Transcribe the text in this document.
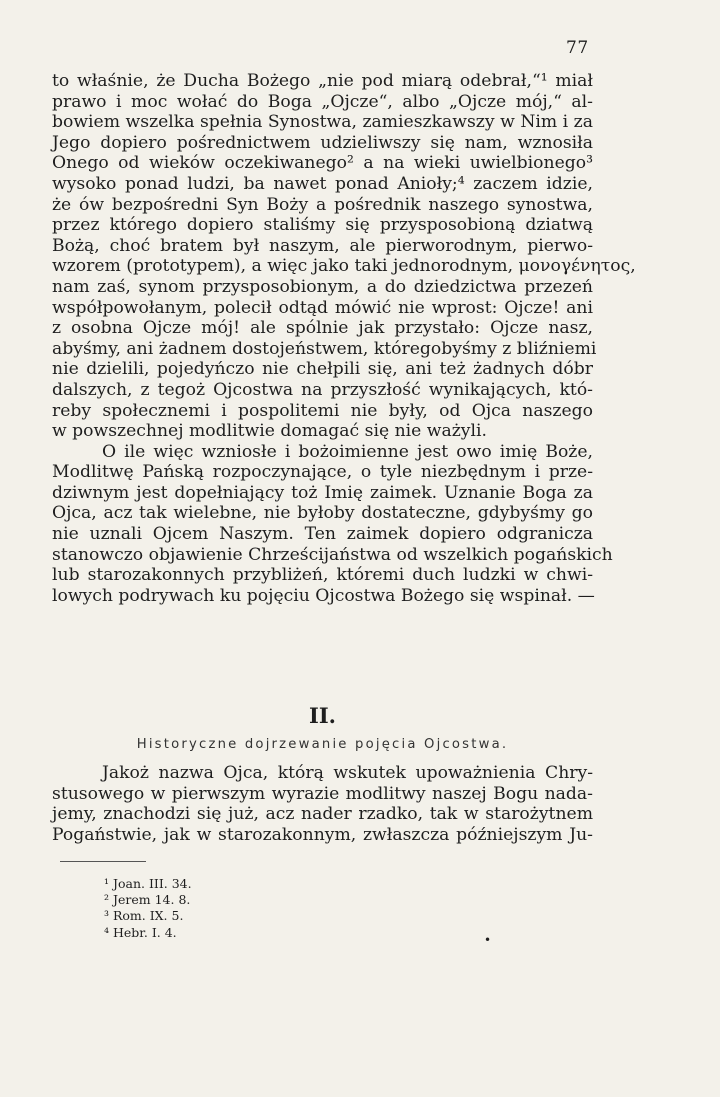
77
to właśnie, że Ducha Bożego „nie pod miarą odebrał,“¹ miał
prawo i moc wołać do Boga „Ojcze“, albo „Ojcze mój,“ al-
bowiem wszelka spełnia Synostwa, zamieszkawszy w Nim i za
Jego dopiero pośrednictwem udzieliwszy się nam, wznosiła
Onego od wieków oczekiwanego² a na wieki uwielbionego³
wysoko ponad ludzi, ba nawet ponad Anioły;⁴ zaczem idzie,
że ów bezpośredni Syn Boży a pośrednik naszego synostwa,
przez którego dopiero staliśmy się przysposobioną dziatwą
Bożą, choć bratem był naszym, ale pierworodnym, pierwo-
wzorem (prototypem), a więc jako taki jednorodnym, μονογένητος,
nam zaś, synom przysposobionym, a do dziedzictwa przezeń
współpowołanym, polecił odtąd mówić nie wprost: Ojcze! ani
z osobna Ojcze mój! ale spólnie jak przystało: Ojcze nasz,
abyśmy, ani żadnem dostojeństwem, któregobyśmy z bliźniemi
nie dzielili, pojedyńczo nie chełpili się, ani też żadnych dóbr
dalszych, z tegoż Ojcostwa na przyszłość wynikających, któ-
reby społecznemi i pospolitemi nie były, od Ojca naszego
w powszechnej modlitwie domagać się nie ważyli.
O ile więc wzniosłe i bożoimienne jest owo imię Boże,
Modlitwę Pańską rozpoczynające, o tyle niezbędnym i prze-
dziwnym jest dopełniający toż Imię zaimek. Uznanie Boga za
Ojca, acz tak wielebne, nie byłoby dostateczne, gdybyśmy go
nie uznali Ojcem Naszym. Ten zaimek dopiero odgranicza
stanowczo objawienie Chrześcijaństwa od wszelkich pogańskich
lub starozakonnych przybliżeń, któremi duch ludzki w chwi-
lowych podrywach ku pojęciu Ojcostwa Bożego się wspinał. —
II.
Historyczne dojrzewanie pojęcia Ojcostwa.
Jakoż nazwa Ojca, którą wskutek upoważnienia Chry-
stusowego w pierwszym wyrazie modlitwy naszej Bogu nada-
jemy, znachodzi się już, acz nader rzadko, tak w starożytnem
Pogaństwie, jak w starozakonnym, zwłaszcza późniejszym Ju-
¹ Joan. III. 34.
² Jerem 14. 8.
³ Rom. IX. 5.
⁴ Hebr. I. 4.
•
